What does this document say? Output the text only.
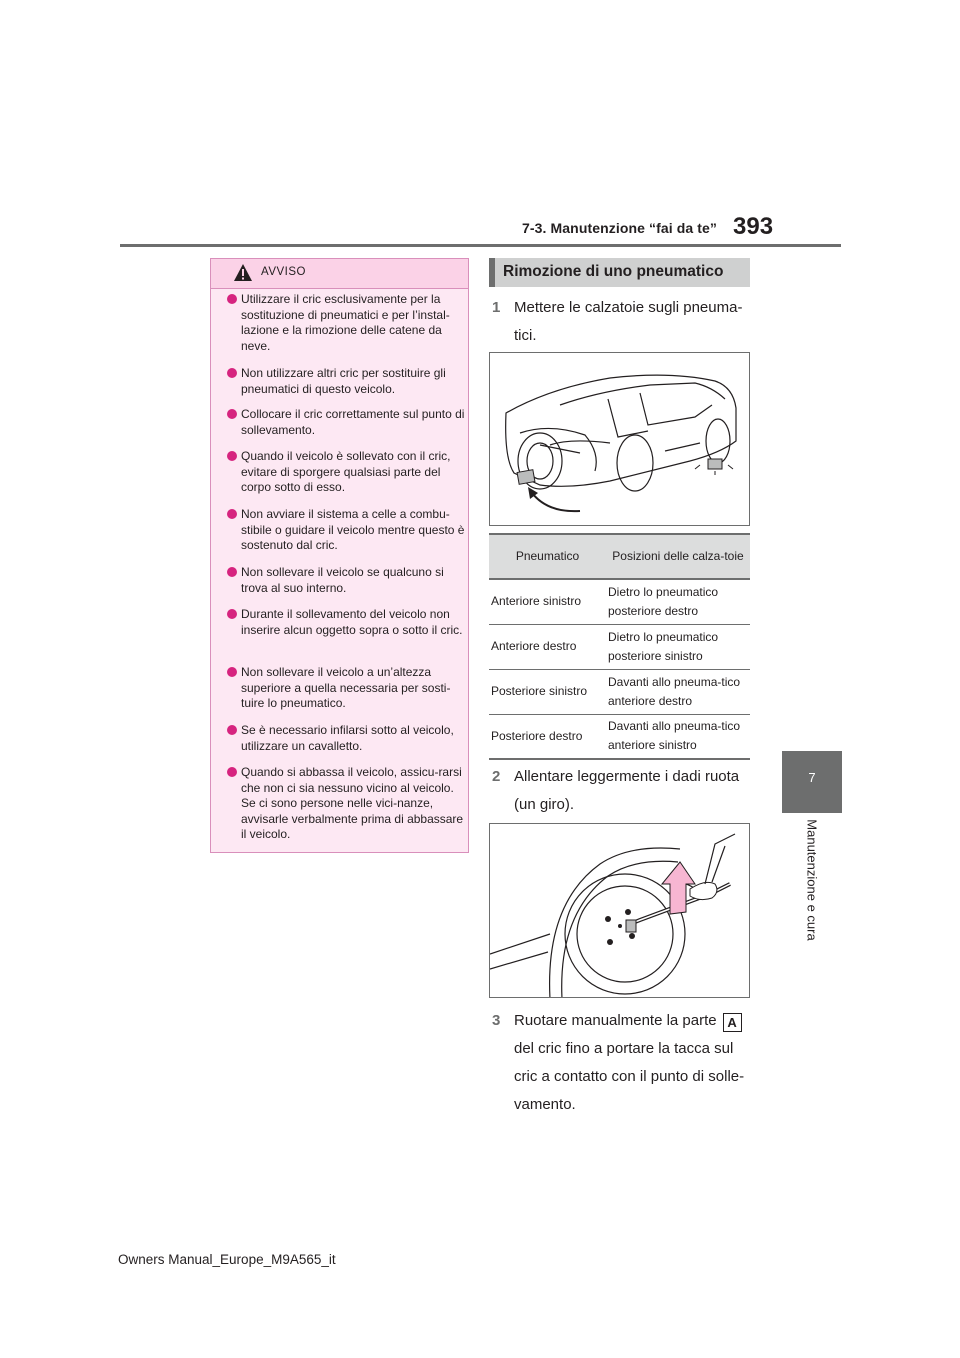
7-3. Manutenzione “fai da te” 393
7
Manutenzione e cura
AVVISO
Utilizzare il cric esclusivamente per la sostituzione di pneumatici e per l’instal-lazione e la rimozione delle catene da neve.
Non utilizzare altri cric per sostituire gli pneumatici di questo veicolo.
Collocare il cric correttamente sul punto di sollevamento.
Quando il veicolo è sollevato con il cric, evitare di sporgere qualsiasi parte del corpo sotto di esso.
Non avviare il sistema a celle a combu-stibile o guidare il veicolo mentre questo è sostenuto dal cric.
Non sollevare il veicolo se qualcuno si trova al suo interno.
Durante il sollevamento del veicolo non inserire alcun oggetto sopra o sotto il cric.
Non sollevare il veicolo a un’altezza superiore a quella necessaria per sosti-tuire lo pneumatico.
Se è necessario infilarsi sotto al veicolo, utilizzare un cavalletto.
Quando si abbassa il veicolo, assicu-rarsi che non ci sia nessuno vicino al veicolo. Se ci sono persone nelle vici-nanze, avvisarle verbalmente prima di abbassare il veicolo.
Rimozione di uno pneumatico
1 Mettere le calzatoie sugli pneuma-tici.
Pneumatico	Posizioni delle calza-toie
Anteriore sinistro	Dietro lo pneumatico posteriore destro
Anteriore destro	Dietro lo pneumatico posteriore sinistro
Posteriore sinistro	Davanti allo pneuma-tico anteriore destro
Posteriore destro	Davanti allo pneuma-tico anteriore sinistro
2 Allentare leggermente i dadi ruota (un giro).
3 Ruotare manualmente la parte A
del cric fino a portare la tacca sul cric a contatto con il punto di solle-vamento.
Owners Manual_Europe_M9A565_it
